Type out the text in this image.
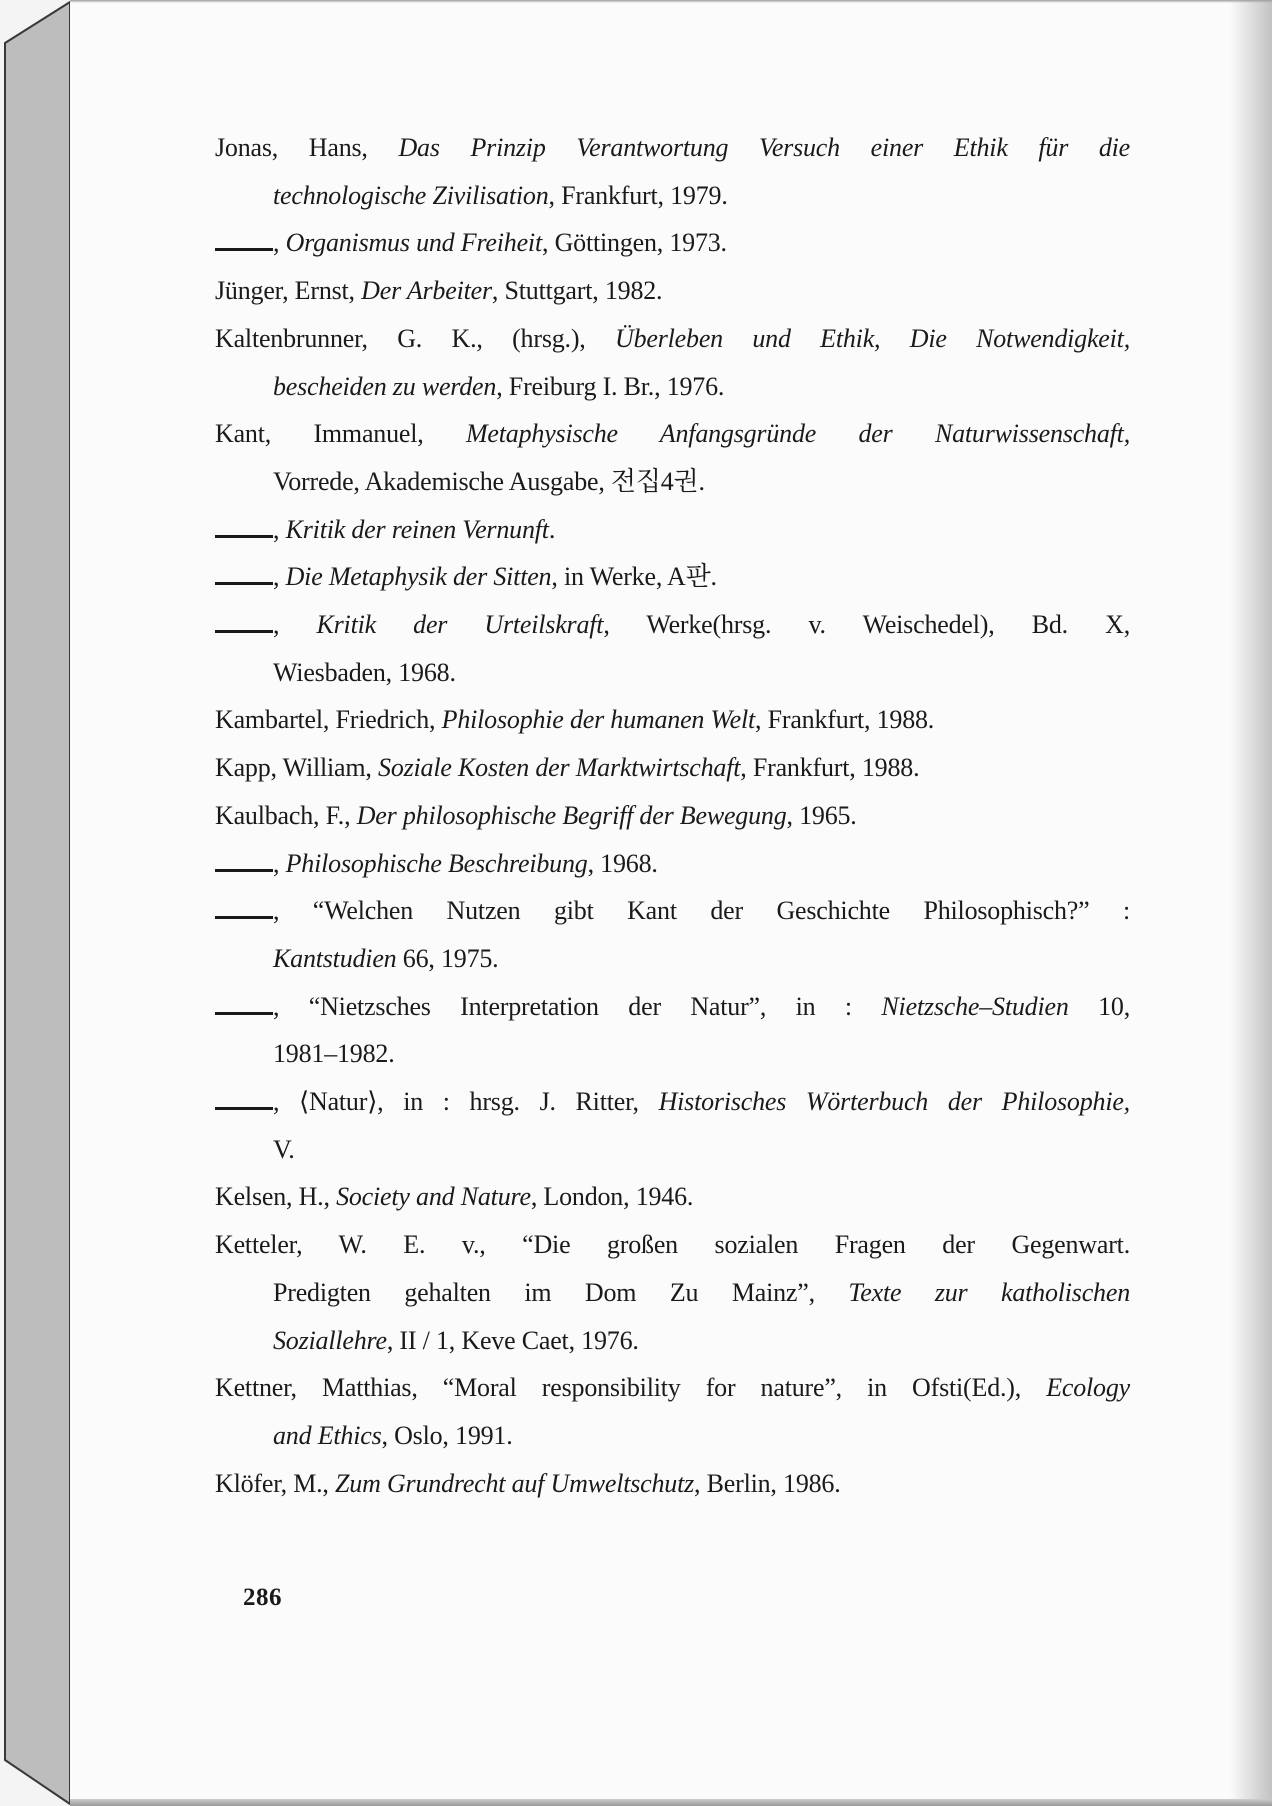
Jonas, Hans, Das Prinzip Verantwortung Versuch einer Ethik für die
technologische Zivilisation, Frankfurt, 1979.
, Organismus und Freiheit, Göttingen, 1973.
Jünger, Ernst, Der Arbeiter, Stuttgart, 1982.
Kaltenbrunner, G. K., (hrsg.), Überleben und Ethik, Die Notwendigkeit,
bescheiden zu werden, Freiburg I. Br., 1976.
Kant, Immanuel, Metaphysische Anfangsgründe der Naturwissenschaft,
Vorrede, Akademische Ausgabe, 전집4권.
, Kritik der reinen Vernunft.
, Die Metaphysik der Sitten, in Werke, A판.
, Kritik der Urteilskraft, Werke(hrsg. v. Weischedel), Bd. X,
Wiesbaden, 1968.
Kambartel, Friedrich, Philosophie der humanen Welt, Frankfurt, 1988.
Kapp, William, Soziale Kosten der Marktwirtschaft, Frankfurt, 1988.
Kaulbach, F., Der philosophische Begriff der Bewegung, 1965.
, Philosophische Beschreibung, 1968.
, “Welchen Nutzen gibt Kant der Geschichte Philosophisch?” :
Kantstudien 66, 1975.
, “Nietzsches Interpretation der Natur”, in : Nietzsche–Studien 10,
1981–1982.
, ⟨Natur⟩, in : hrsg. J. Ritter, Historisches Wörterbuch der Philosophie,
V.
Kelsen, H., Society and Nature, London, 1946.
Ketteler, W. E. v., “Die großen sozialen Fragen der Gegenwart.
Predigten gehalten im Dom Zu Mainz”, Texte zur katholischen
Soziallehre, II / 1, Keve Caet, 1976.
Kettner, Matthias, “Moral responsibility for nature”, in Ofsti(Ed.), Ecology
and Ethics, Oslo, 1991.
Klöfer, M., Zum Grundrecht auf Umweltschutz, Berlin, 1986.
286
